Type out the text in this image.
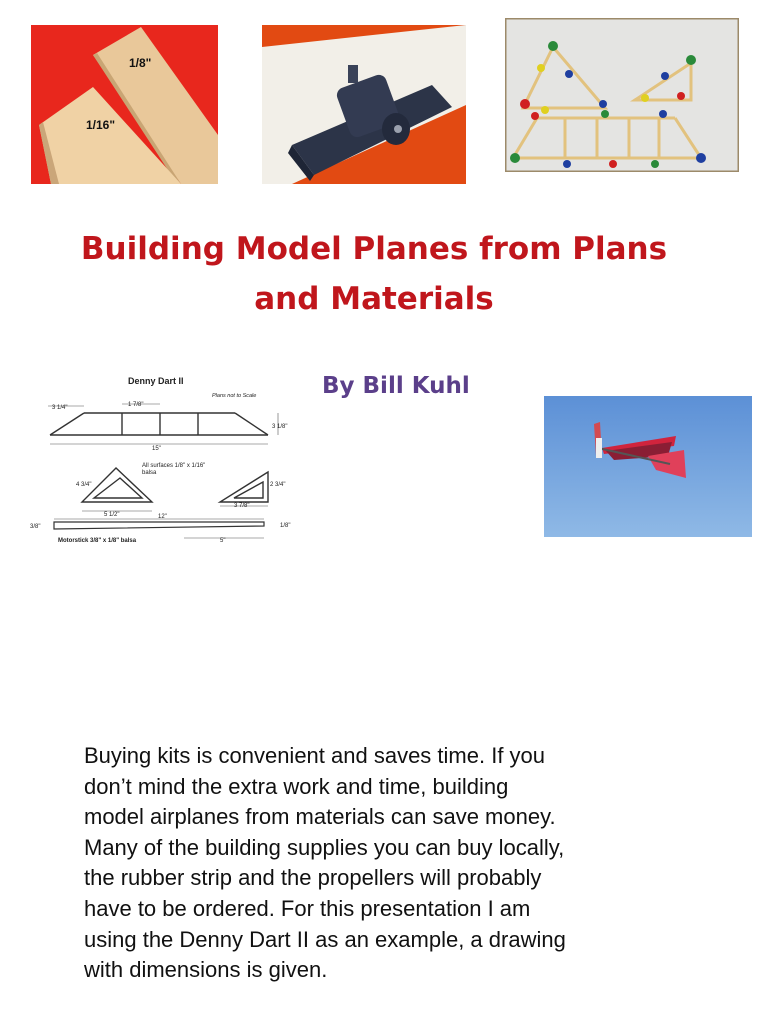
1/8"
1/16"
Building Model Planes from Plans
and Materials
By Bill Kuhl
Denny Dart II
Plans not to Scale
3 1/4"	1 7/8"
3 1/8"
15"
All surfaces 1/8" x 1/16"
balsa
4 3/4"
5 1/2"
2 3/4"
3 7/8"
12"
3/8"	1/8"
5"
Motorstick 3/8" x 1/8" balsa
Buying kits is convenient and saves time. If you
don’t mind the extra work and time, building
model airplanes from materials can save money.
Many of the building supplies you can buy locally,
the rubber strip and the propellers will probably
have to be ordered. For this presentation I am
using the Denny Dart II as an example, a drawing
with dimensions is given.
